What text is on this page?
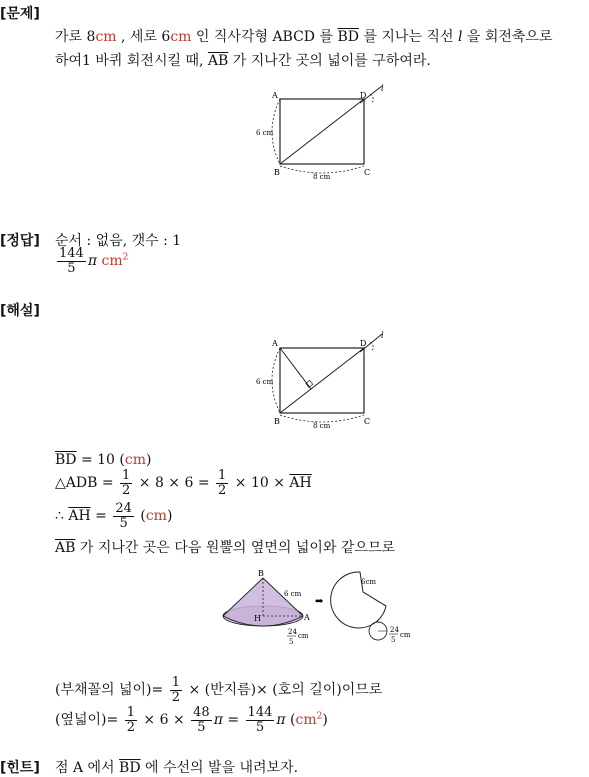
[문제]
가로 8cm , 세로 6cm 인 직사각형 ABCD 를 $\overline{BD}$ 를 지나는 직선 l 을 회전축으로
하여1 바퀴 회전시킬 때, $\overline{AB}$ 가 지나간 곳의 넓이를 구하여라.
A	D
B	C
l
6 cm
8 cm
[정답] 순서 : 없음, 갯수 : 1
$\frac{144}{5}$ π $cm^2$
[해설]
A	D
B	C
l
6 cm
8 cm
$\overline{BD} = 10$ (cm)
△ADB = $\frac{1}{2} \times 8 \times 6 = \frac{1}{2} \times 10 \times \overline{AH}$
∴ $\overline{AH} = \frac{24}{5} (cm)$
$\overline{AB}$ 가 지나간 곳은 다음 원뿔의 옆면의 넓이와 같으므로
B
H	A
6 cm
24
5
cm
➡
6cm
24
5
cm
(부채꼴의 넓이)= $\frac{1}{2}$ × (반지름)× (호의 길이)이므로
(옆넓이)= $\frac{1}{2} \times 6 \times \frac{48}{5}$ $\pi = \frac{144}{5}$ π $(cm^2)$
[힌트] 점 A 에서 $\overline{BD}$ 에 수선의 발을 내려보자.
